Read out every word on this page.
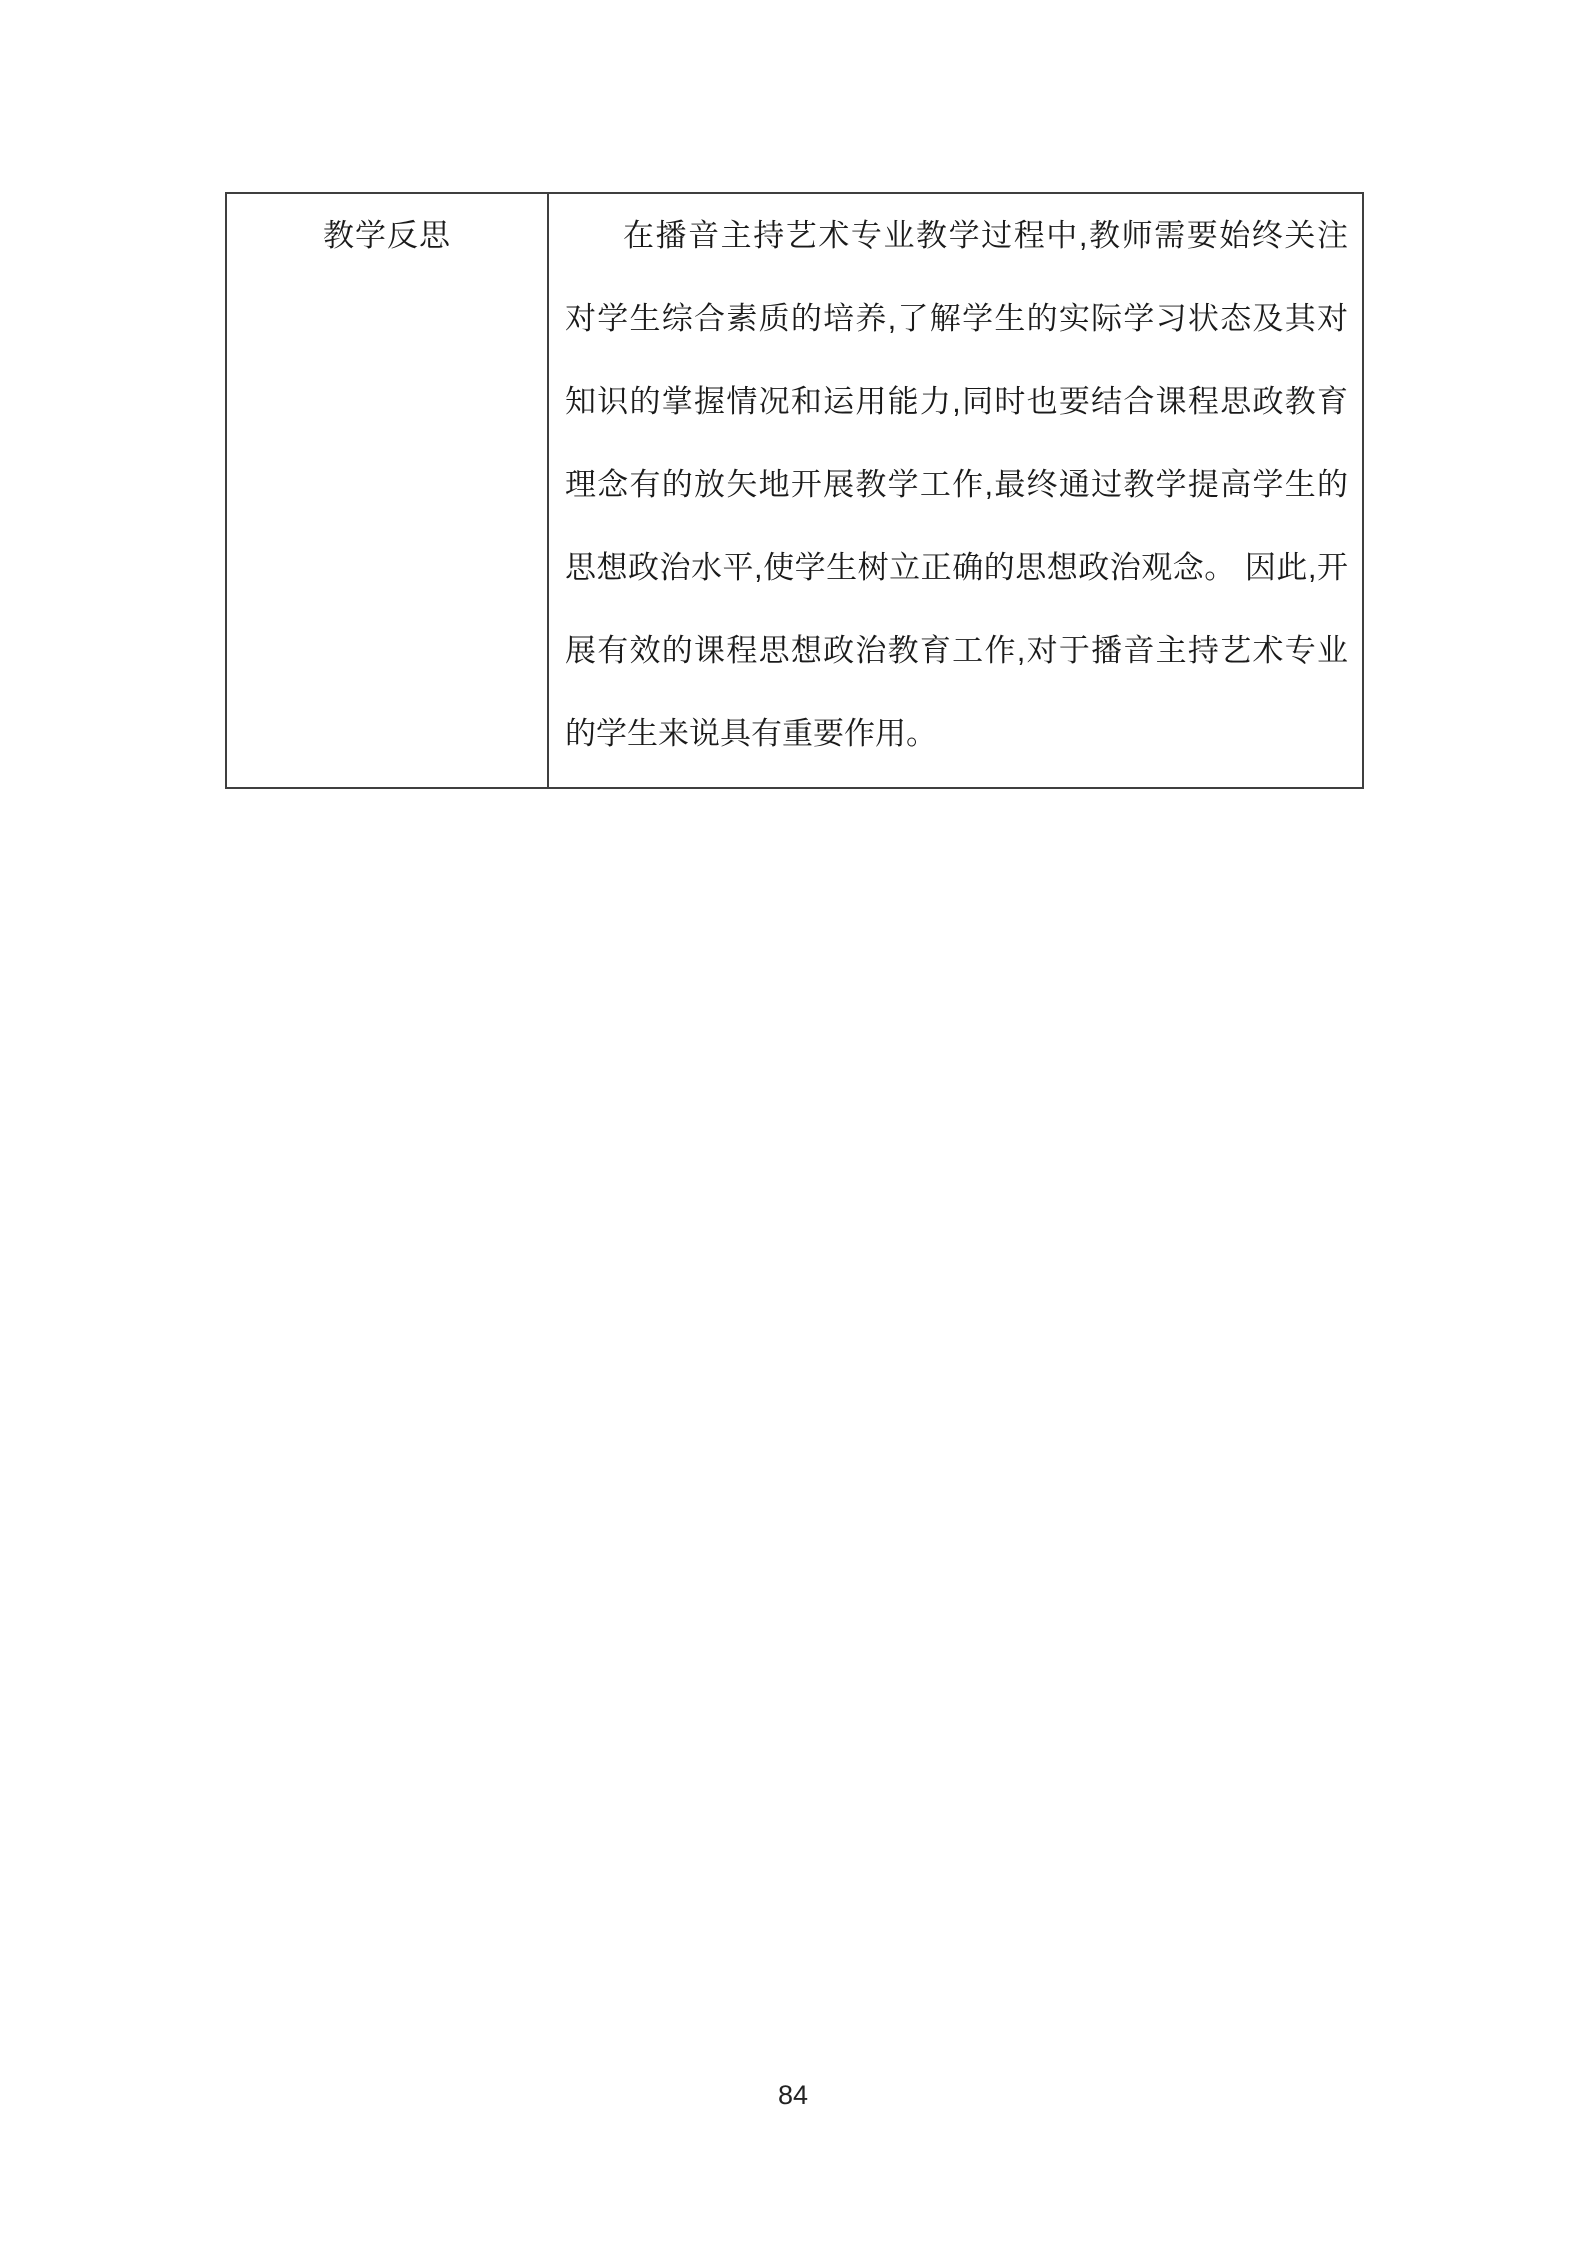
教学反思	在播音主持艺术专业教学过程中,教师需要始终关注
对学生综合素质的培养,了解学生的实际学习状态及其对
知识的掌握情况和运用能力,同时也要结合课程思政教育
理念有的放矢地开展教学工作,最终通过教学提高学生的
思想政治水平,使学生树立正确的思想政治观念。 因此,开
展有效的课程思想政治教育工作,对于播音主持艺术专业
的学生来说具有重要作用。
84
